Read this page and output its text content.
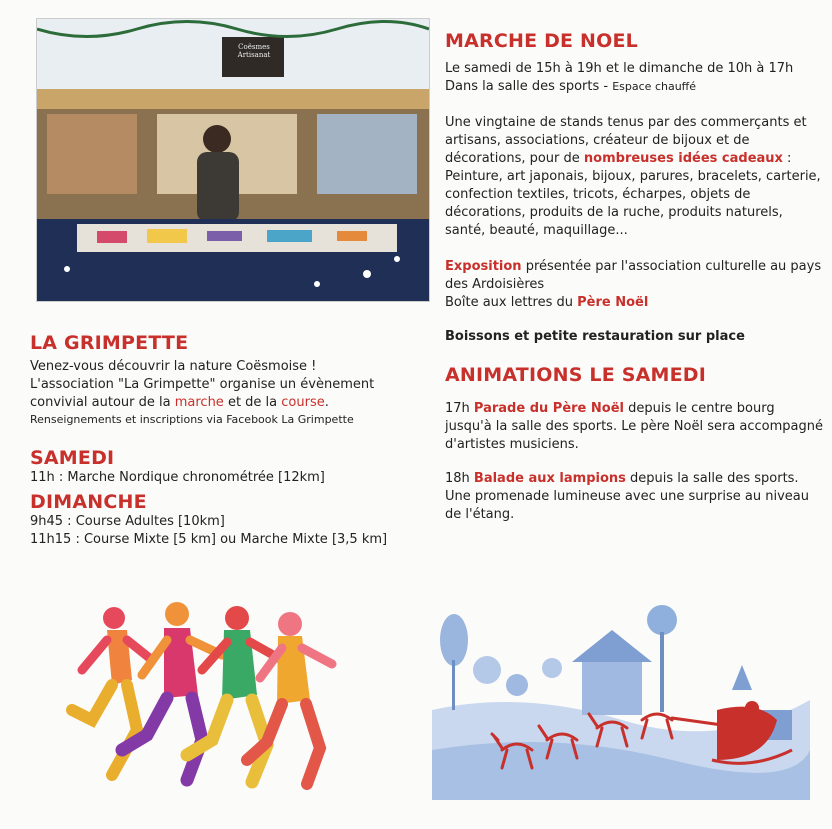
Coësmes Artisanat
MARCHE DE NOEL

Le samedi de 15h à 19h et le dimanche de 10h à 17h

Dans la salle des sports - Espace chauffé

Une vingtaine de stands tenus par des commerçants et artisans, associations, créateur de bijoux et de décorations, pour de nombreuses idées cadeaux :
Peinture, art japonais, bijoux, parures, bracelets, carterie, confection textiles, tricots, écharpes, objets de décorations, produits de la ruche, produits naturels, santé, beauté, maquillage...

Exposition présentée par l'association culturelle au pays des Ardoisières

Boîte aux lettres du Père Noël

Boissons et petite restauration sur place

ANIMATIONS LE SAMEDI

17h Parade du Père Noël depuis le centre bourg jusqu'à la salle des sports. Le père Noël sera accompagné d'artistes musiciens.

18h Balade aux lampions depuis la salle des sports. Une promenade lumineuse avec une surprise au niveau de l'étang.

LA GRIMPETTE

Venez-vous découvrir la nature Coësmoise !

L'association "La Grimpette" organise un évènement convivial autour de la marche et de la course.

Renseignements et inscriptions via Facebook La Grimpette

SAMEDI

11h : Marche Nordique chronométrée [12km]

DIMANCHE

9h45 : Course Adultes [10km]

11h15 : Course Mixte [5 km] ou Marche Mixte [3,5 km]
